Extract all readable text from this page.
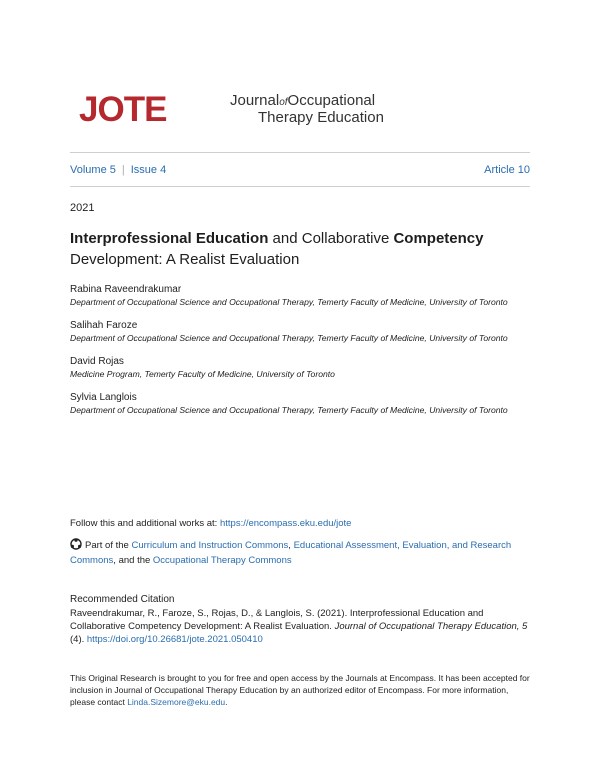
JOTE	JournalofOccupational
Therapy Education
Volume 5 | Issue 4	Article 10
2021
Interprofessional Education and Collaborative Competency Development: A Realist Evaluation
Rabina Raveendrakumar
Department of Occupational Science and Occupational Therapy, Temerty Faculty of Medicine, University of Toronto
Salihah Faroze
Department of Occupational Science and Occupational Therapy, Temerty Faculty of Medicine, University of Toronto
David Rojas
Medicine Program, Temerty Faculty of Medicine, University of Toronto
Sylvia Langlois
Department of Occupational Science and Occupational Therapy, Temerty Faculty of Medicine, University of Toronto
Follow this and additional works at: https://encompass.eku.edu/jote
Part of the Curriculum and Instruction Commons, Educational Assessment, Evaluation, and Research Commons, and the Occupational Therapy Commons
Recommended Citation
Raveendrakumar, R., Faroze, S., Rojas, D., & Langlois, S. (2021). Interprofessional Education and Collaborative Competency Development: A Realist Evaluation. Journal of Occupational Therapy Education, 5 (4). https://doi.org/10.26681/jote.2021.050410
This Original Research is brought to you for free and open access by the Journals at Encompass. It has been accepted for inclusion in Journal of Occupational Therapy Education by an authorized editor of Encompass. For more information, please contact Linda.Sizemore@eku.edu.
